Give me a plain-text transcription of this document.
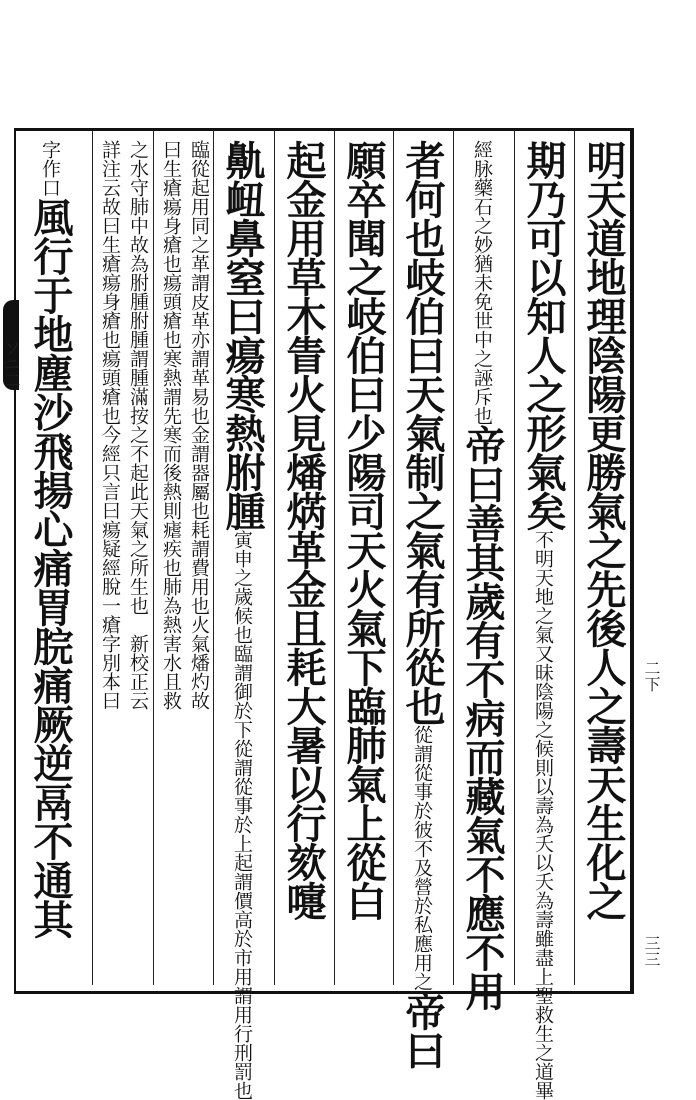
ソニ二
二下
三三
明天道地理陰陽更勝氣之先後人之壽天生化之
期乃可以知人之形氣矣不明天地之氣又昧陰陽之候則以壽為夭以夭為壽雖盡上聖救生之道畢
經脉藥石之妙猶未免世中之誣斥也帝曰善其歲有不病而藏氣不應不用
者何也岐伯曰天氣制之氣有所從也從謂從事於彼不及營於私應用之帝曰
願卒聞之岐伯曰少陽司天火氣下臨肺氣上從白
起金用草木眚火見燔焫革金且耗大暑以行欬嚏
鼽衄鼻窒曰瘍寒熱胕腫寅申之歲候也臨謂御於下從謂從事於上起謂價高於市用謂用行刑罰也
臨從起用同之革謂皮革亦謂革易也金謂器屬也耗謂費用也火氣燔灼故
曰生瘡瘍身瘡也瘍頭瘡也寒熱謂先寒而後熱則瘧疾也肺為熱害水且救
之水守肺中故為胕腫胕腫謂腫滿按之不起此天氣之所生也　新校正云
詳注云故曰生瘡瘍身瘡也瘍頭瘡也今經只言曰瘍疑經脫一瘡字別本曰
字作口風行于地塵沙飛揚心痛胃脘痛厥逆鬲不通其
